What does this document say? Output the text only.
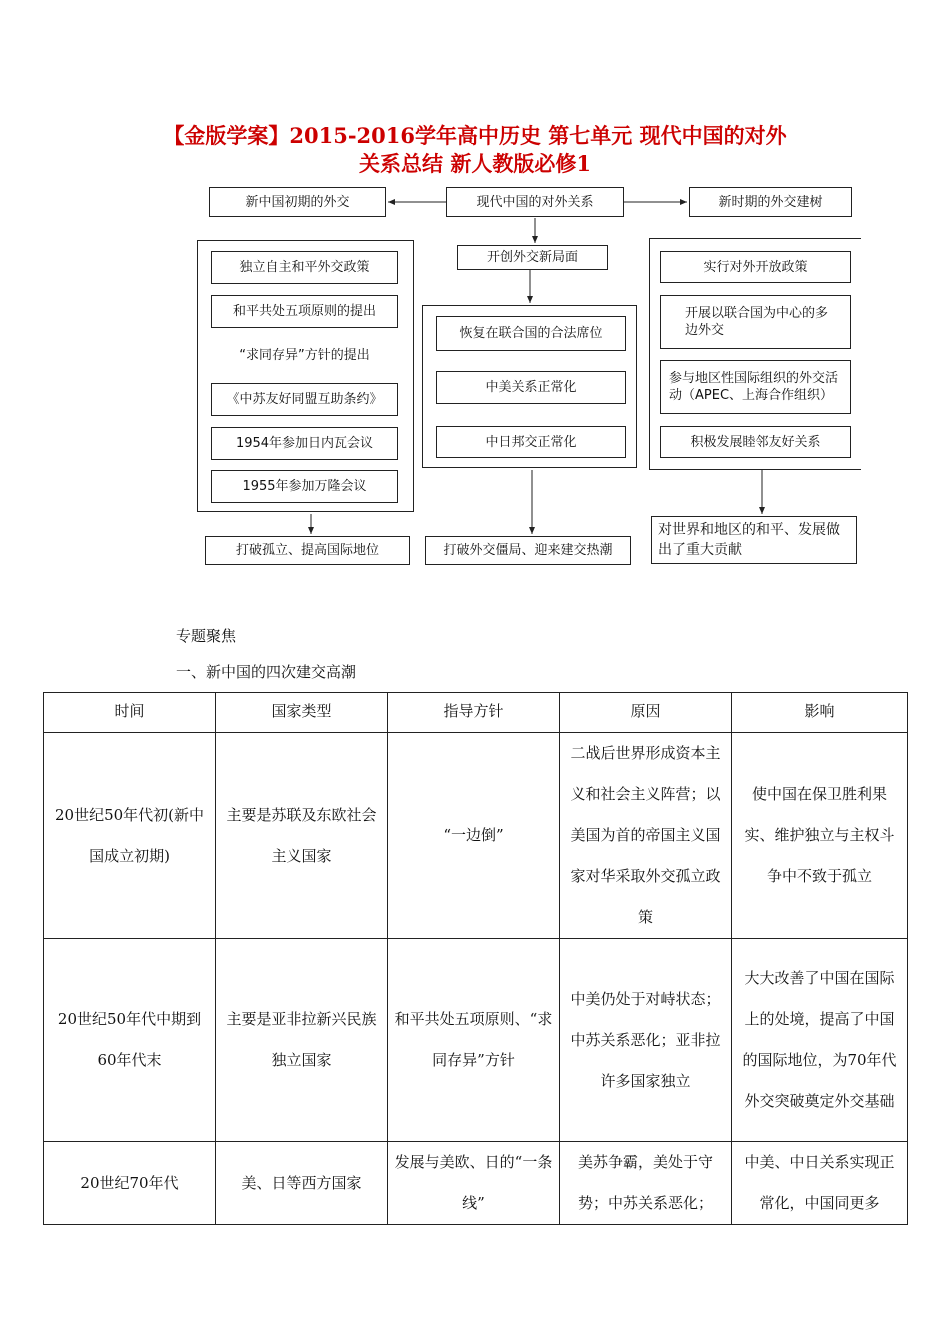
【金版学案】2015-2016学年高中历史 第七单元 现代中国的对外
关系总结 新人教版必修1
新中国初期的外交	现代中国的对外关系	新时期的外交建树
独立自主和平外交政策
和平共处五项原则的提出
“求同存异”方针的提出
《中苏友好同盟互助条约》
1954年参加日内瓦会议
1955年参加万隆会议
打破孤立、提高国际地位
开创外交新局面
恢复在联合国的合法席位
中美关系正常化
中日邦交正常化
打破外交僵局、迎来建交热潮
实行对外开放政策
开展以联合国为中心的多边外交
参与地区性国际组织的外交活动（APEC、上海合作组织）
积极发展睦邻友好关系
对世界和地区的和平、发展做出了重大贡献
专题聚焦
一、新中国的四次建交高潮
时间	国家类型	指导方针	原因	影响
20世纪50年代初(新中国成立初期)	主要是苏联及东欧社会主义国家	“一边倒”	二战后世界形成资本主义和社会主义阵营；以美国为首的帝国主义国家对华采取外交孤立政策	使中国在保卫胜利果实、维护独立与主权斗争中不致于孤立
20世纪50年代中期到60年代末	主要是亚非拉新兴民族独立国家	和平共处五项原则、“求同存异”方针	中美仍处于对峙状态；中苏关系恶化；亚非拉许多国家独立	大大改善了中国在国际上的处境，提高了中国的国际地位，为70年代外交突破奠定外交基础
20世纪70年代	美、日等西方国家	发展与美欧、日的“一条线”	美苏争霸，美处于守势；中苏关系恶化；	中美、中日关系实现正常化，中国同更多
